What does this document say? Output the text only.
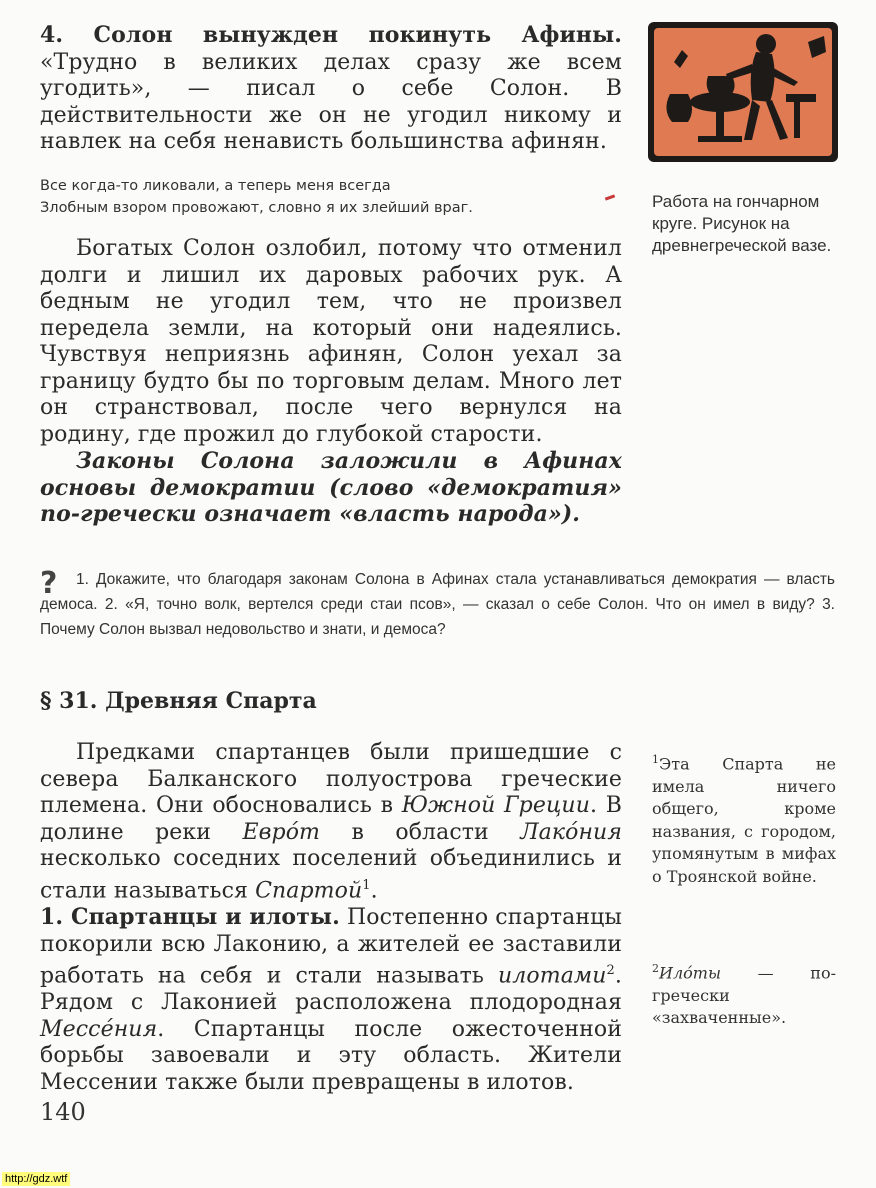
4. Солон вынужден покинуть Афины. «Трудно в великих делах сразу же всем угодить», — писал о себе Солон. В действительности же он не угодил никому и навлек на себя ненависть большинства афинян.

Все когда-то ликовали, а теперь меня всегда
Злобным взором провожают, словно я их злейший враг.	Работа на гончарном круге. Рисунок на древнегреческой вазе.

Богатых Солон озлобил, потому что отменил долги и лишил их даровых рабочих рук. А бедным не угодил тем, что не произвел передела земли, на который они надеялись. Чувствуя неприязнь афинян, Солон уехал за границу будто бы по торговым делам. Много лет он странствовал, после чего вернулся на родину, где прожил до глубокой старости.

Законы Солона заложили в Афинах основы демократии (слово «демократия» по-гречески означает «власть народа»).

?	1. Докажите, что благодаря законам Солона в Афинах стала устанавливаться демократия — власть демоса. 2. «Я, точно волк, вертелся среди стаи псов», — сказал о себе Солон. Что он имел в виду? 3. Почему Солон вызвал недовольство и знати, и демоса?
§ 31. Древняя Спарта

Предками спартанцев были пришедшие с севера Балканского полуострова греческие племена. Они обосновались в Южной Греции. В долине реки Еврóт в области Лакóния несколько соседних поселений объединились и стали называться Спартой$^1$.

1. Спартанцы и илоты. Постепенно спартанцы покорили всю Лаконию, а жителей ее заставили работать на себя и стали называть илотами$^2$. Рядом с Лаконией расположена плодородная Мессéния. Спартанцы после ожесточенной борьбы завоевали и эту область. Жители Мессении также были превращены в илотов.

$^1$Эта Спарта не имела ничего общего, кроме названия, с городом, упомянутым в мифах о Троянской войне.
$^2$Илóты — по-гречески «захваченные».
140
http://gdz.wtf
